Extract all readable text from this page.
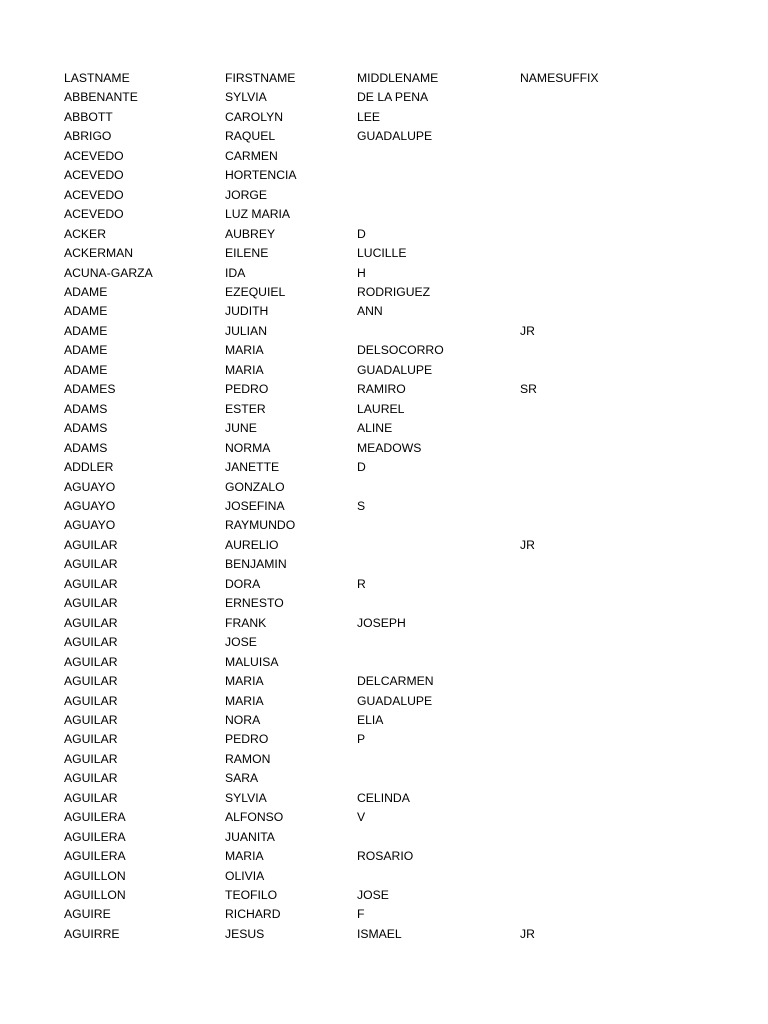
LASTNAME	FIRSTNAME	MIDDLENAME	NAMESUFFIX
ABBENANTE	SYLVIA	DE LA PENA	
ABBOTT	CAROLYN	LEE	
ABRIGO	RAQUEL	GUADALUPE	
ACEVEDO	CARMEN		
ACEVEDO	HORTENCIA		
ACEVEDO	JORGE		
ACEVEDO	LUZ MARIA		
ACKER	AUBREY	D	
ACKERMAN	EILENE	LUCILLE	
ACUNA-GARZA	IDA	H	
ADAME	EZEQUIEL	RODRIGUEZ	
ADAME	JUDITH	ANN	
ADAME	JULIAN		JR
ADAME	MARIA	DELSOCORRO	
ADAME	MARIA	GUADALUPE	
ADAMES	PEDRO	RAMIRO	SR
ADAMS	ESTER	LAUREL	
ADAMS	JUNE	ALINE	
ADAMS	NORMA	MEADOWS	
ADDLER	JANETTE	D	
AGUAYO	GONZALO		
AGUAYO	JOSEFINA	S	
AGUAYO	RAYMUNDO		
AGUILAR	AURELIO		JR
AGUILAR	BENJAMIN		
AGUILAR	DORA	R	
AGUILAR	ERNESTO		
AGUILAR	FRANK	JOSEPH	
AGUILAR	JOSE		
AGUILAR	MALUISA		
AGUILAR	MARIA	DELCARMEN	
AGUILAR	MARIA	GUADALUPE	
AGUILAR	NORA	ELIA	
AGUILAR	PEDRO	P	
AGUILAR	RAMON		
AGUILAR	SARA		
AGUILAR	SYLVIA	CELINDA	
AGUILERA	ALFONSO	V	
AGUILERA	JUANITA		
AGUILERA	MARIA	ROSARIO	
AGUILLON	OLIVIA		
AGUILLON	TEOFILO	JOSE	
AGUIRE	RICHARD	F	
AGUIRRE	JESUS	ISMAEL	JR
